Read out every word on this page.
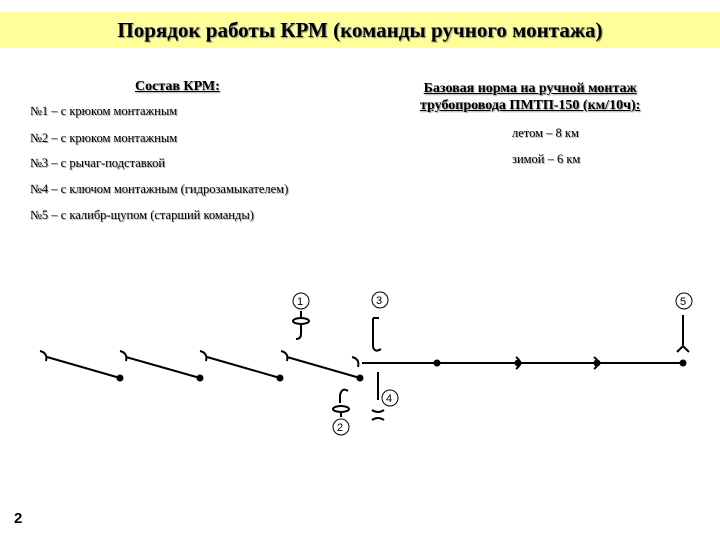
Порядок работы КРМ (команды ручного монтажа)
Состав КРМ:
№1 – с крюком монтажным
№2 – с крюком монтажным
№3 – с рычаг-подставкой
№4 – с ключом монтажным (гидрозамыкателем)
№5 – с калибр-щупом (старший команды)
Базовая норма на ручной монтаж
трубопровода ПМТП-150 (км/10ч):
летом – 8 км
зимой – 6 км
1	3
2
4
5
2
